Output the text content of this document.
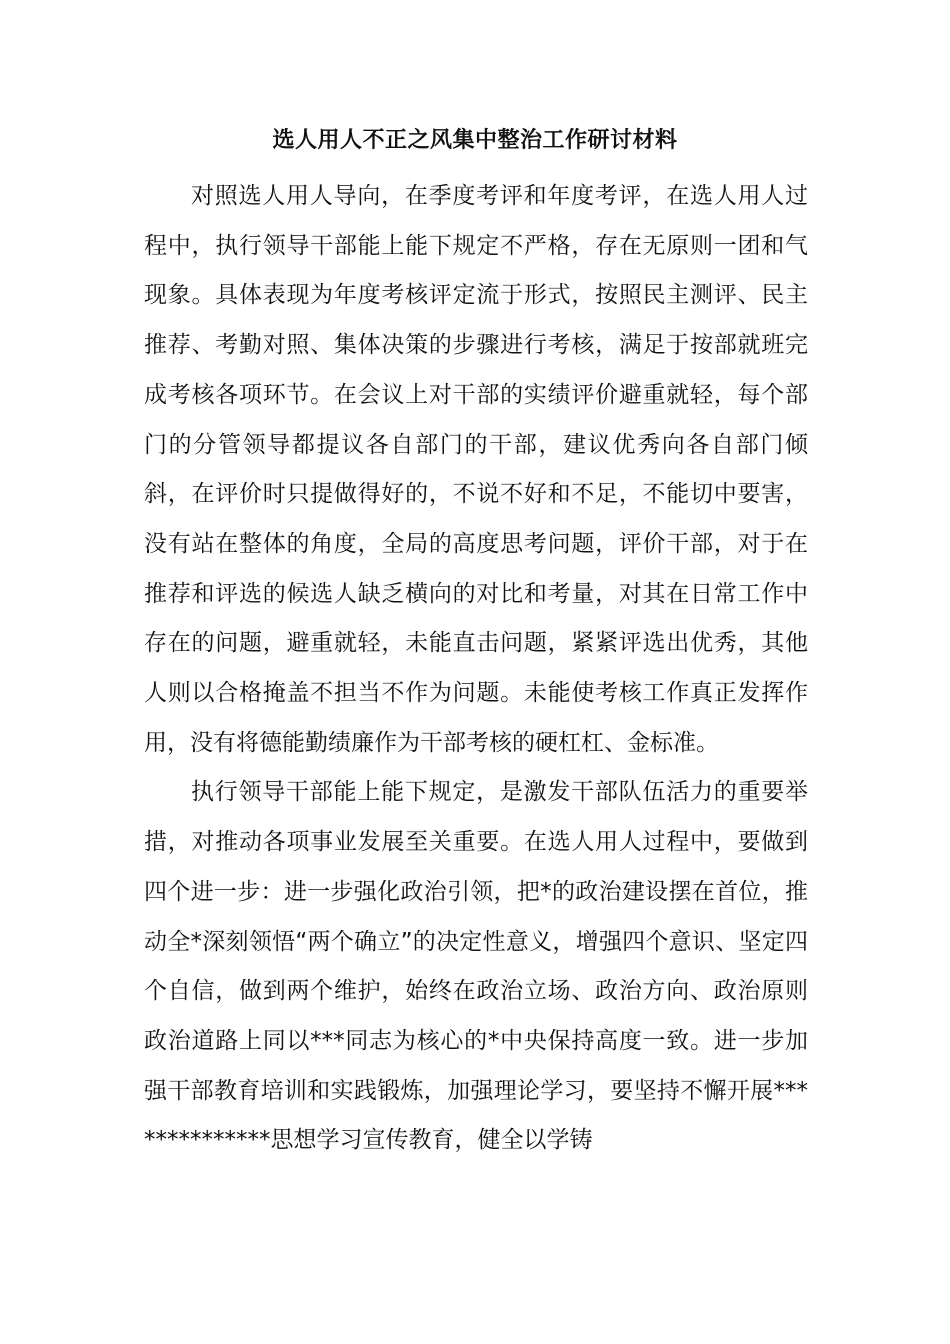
选人用人不正之风集中整治工作研讨材料

对照选人用人导向，在季度考评和年度考评，在选人用人过程中，执行领导干部能上能下规定不严格，存在无原则一团和气现象。具体表现为年度考核评定流于形式，按照民主测评、民主推荐、考勤对照、集体决策的步骤进行考核，满足于按部就班完成考核各项环节。在会议上对干部的实绩评价避重就轻，每个部门的分管领导都提议各自部门的干部，建议优秀向各自部门倾斜，在评价时只提做得好的，不说不好和不足，不能切中要害，没有站在整体的角度，全局的高度思考问题，评价干部，对于在推荐和评选的候选人缺乏横向的对比和考量，对其在日常工作中存在的问题，避重就轻，未能直击问题，紧紧评选出优秀，其他人则以合格掩盖不担当不作为问题。未能使考核工作真正发挥作用，没有将德能勤绩廉作为干部考核的硬杠杠、金标准。

执行领导干部能上能下规定，是激发干部队伍活力的重要举措，对推动各项事业发展至关重要。在选人用人过程中，要做到四个进一步：进一步强化政治引领，把*的政治建设摆在首位，推动全*深刻领悟“两个确立”的决定性意义，增强四个意识、坚定四个自信，做到两个维护，始终在政治立场、政治方向、政治原则政治道路上同以***同志为核心的*中央保持高度一致。进一步加强干部教育培训和实践锻炼，加强理论学习，要坚持不懈开展**************思想学习宣传教育，健全以学铸
